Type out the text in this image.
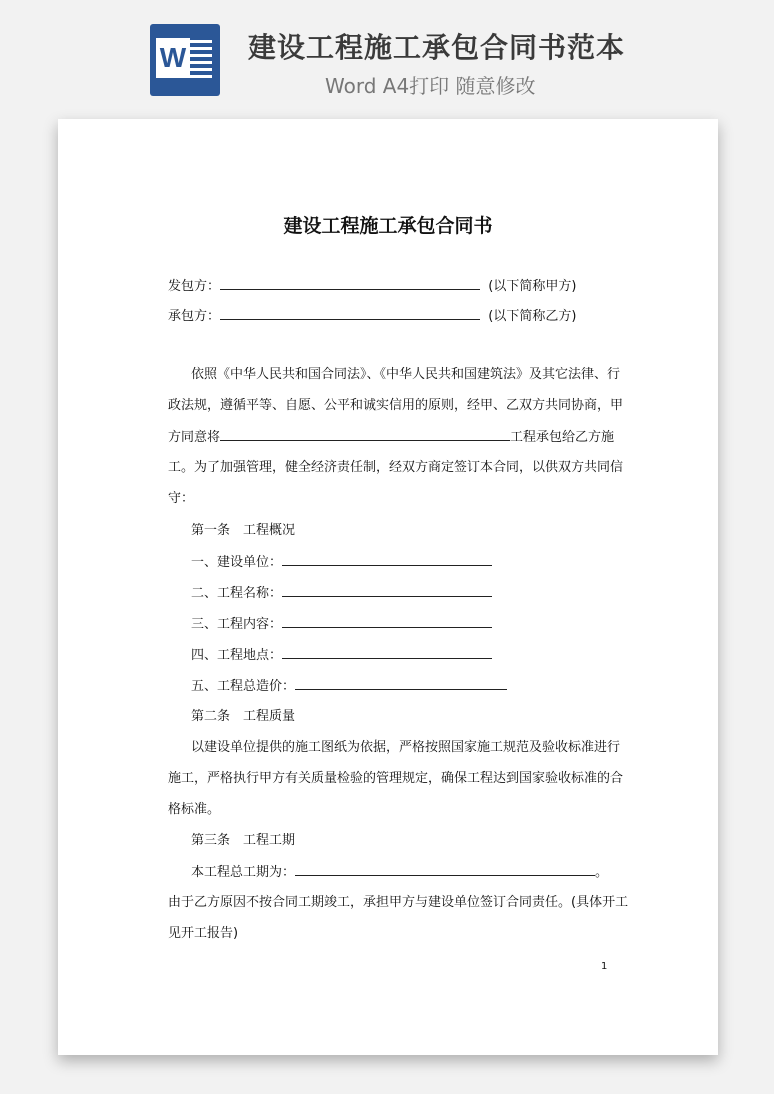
W 建设工程施工承包合同书范本
Word A4打印 随意修改

建设工程施工承包合同书
发包方：	(以下简称甲方)
承包方：	(以下简称乙方)
依照《中华人民共和国合同法》、《中华人民共和国建筑法》及其它法律、行
政法规，遵循平等、自愿、公平和诚实信用的原则，经甲、乙双方共同协商，甲
方同意将	工程承包给乙方施
工。为了加强管理，健全经济责任制，经双方商定签订本合同，以供双方共同信
守：
第一条　工程概况
一、建设单位：
二、工程名称：
三、工程内容：
四、工程地点：
五、工程总造价：
第二条　工程质量
以建设单位提供的施工图纸为依据，严格按照国家施工规范及验收标准进行
施工，严格执行甲方有关质量检验的管理规定，确保工程达到国家验收标准的合
格标准。
第三条　工程工期
本工程总工期为：	。
由于乙方原因不按合同工期竣工，承担甲方与建设单位签订合同责任。(具体开工
见开工报告)
1
